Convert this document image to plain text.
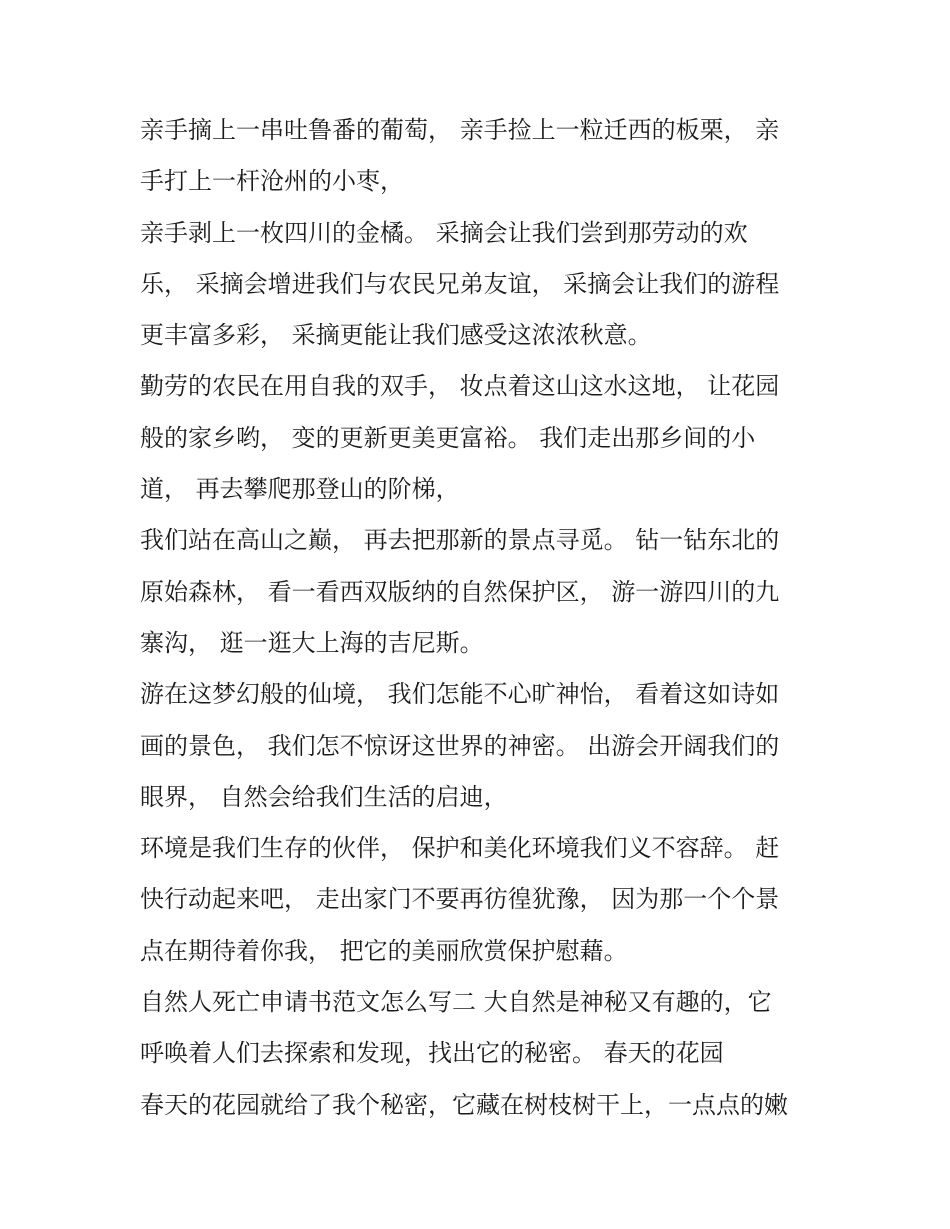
亲手摘上一串吐鲁番的葡萄， 亲手捡上一粒迁西的板栗， 亲
手打上一杆沧州的小枣，
亲手剥上一枚四川的金橘。 采摘会让我们尝到那劳动的欢
乐， 采摘会增进我们与农民兄弟友谊， 采摘会让我们的游程
更丰富多彩， 采摘更能让我们感受这浓浓秋意。
勤劳的农民在用自我的双手， 妆点着这山这水这地， 让花园
般的家乡哟， 变的更新更美更富裕。 我们走出那乡间的小
道， 再去攀爬那登山的阶梯，
我们站在高山之巅， 再去把那新的景点寻觅。 钻一钻东北的
原始森林， 看一看西双版纳的自然保护区， 游一游四川的九
寨沟， 逛一逛大上海的吉尼斯。
游在这梦幻般的仙境， 我们怎能不心旷神怡， 看着这如诗如
画的景色， 我们怎不惊讶这世界的神密。 出游会开阔我们的
眼界， 自然会给我们生活的启迪，
环境是我们生存的伙伴， 保护和美化环境我们义不容辞。 赶
快行动起来吧， 走出家门不要再彷徨犹豫， 因为那一个个景
点在期待着你我， 把它的美丽欣赏保护慰藉。
自然人死亡申请书范文怎么写二 大自然是神秘又有趣的，它
呼唤着人们去探索和发现，找出它的秘密。 春天的花园
春天的花园就给了我个秘密，它藏在树枝树干上，一点点的嫩
